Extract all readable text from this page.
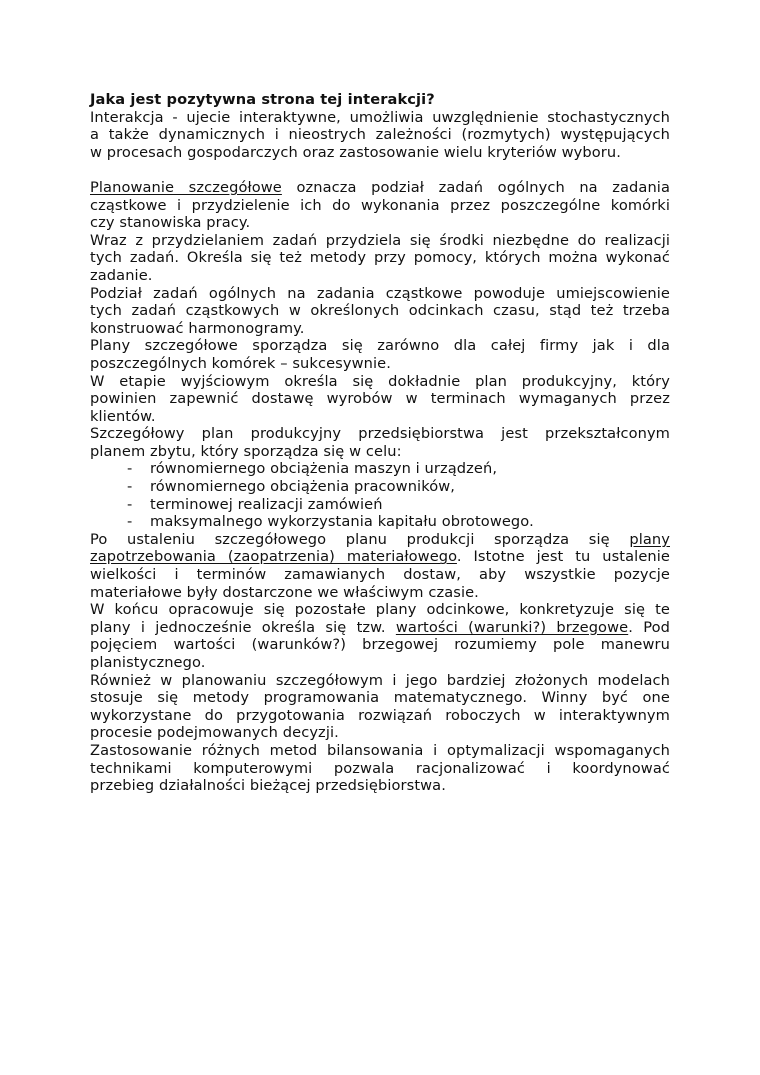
Jaka jest pozytywna strona tej interakcji?
Interakcja - ujecie interaktywne, umożliwia uwzględnienie stochastycznych
a także dynamicznych i nieostrych zależności (rozmytych) występujących
w procesach gospodarczych oraz zastosowanie wielu kryteriów wyboru.
Planowanie szczegółowe oznacza podział zadań ogólnych na zadania
cząstkowe i przydzielenie ich do wykonania przez poszczególne komórki
czy stanowiska pracy.
Wraz z przydzielaniem zadań przydziela się środki niezbędne do realizacji
tych zadań. Określa się też metody przy pomocy, których można wykonać
zadanie.
Podział zadań ogólnych na zadania cząstkowe powoduje umiejscowienie
tych zadań cząstkowych w określonych odcinkach czasu, stąd też trzeba
konstruować harmonogramy.
Plany szczegółowe sporządza się zarówno dla całej firmy jak i dla
poszczególnych komórek – sukcesywnie.
W etapie wyjściowym określa się dokładnie plan produkcyjny, który
powinien zapewnić dostawę wyrobów w terminach wymaganych przez
klientów.
Szczegółowy plan produkcyjny przedsiębiorstwa jest przekształconym
planem zbytu, który sporządza się w celu:
- równomiernego obciążenia maszyn i urządzeń,
- równomiernego obciążenia pracowników,
- terminowej realizacji zamówień
- maksymalnego wykorzystania kapitału obrotowego.
Po ustaleniu szczegółowego planu produkcji sporządza się plany
zapotrzebowania (zaopatrzenia) materiałowego. Istotne jest tu ustalenie
wielkości i terminów zamawianych dostaw, aby wszystkie pozycje
materiałowe były dostarczone we właściwym czasie.
W końcu opracowuje się pozostałe plany odcinkowe, konkretyzuje się te
plany i jednocześnie określa się tzw. wartości (warunki?) brzegowe. Pod
pojęciem wartości (warunków?) brzegowej rozumiemy pole manewru
planistycznego.
Również w planowaniu szczegółowym i jego bardziej złożonych modelach
stosuje się metody programowania matematycznego. Winny być one
wykorzystane do przygotowania rozwiązań roboczych w interaktywnym
procesie podejmowanych decyzji.
Zastosowanie różnych metod bilansowania i optymalizacji wspomaganych
technikami komputerowymi pozwala racjonalizować i koordynować
przebieg działalności bieżącej przedsiębiorstwa.
